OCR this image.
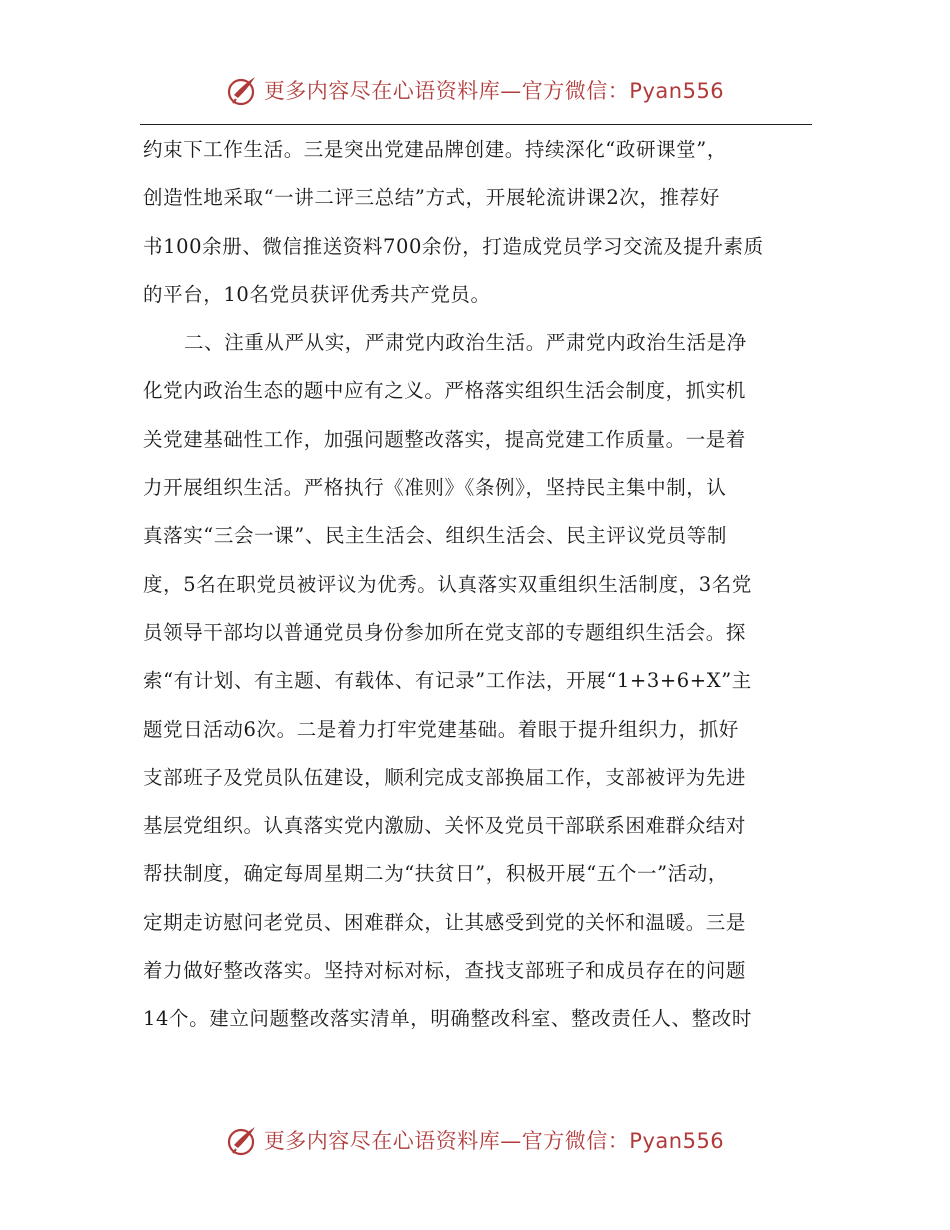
更多内容尽在心语资料库—官方微信：Pyan556
约束下工作生活。三是突出党建品牌创建。持续深化“政研课堂”，
创造性地采取“一讲二评三总结”方式，开展轮流讲课2次，推荐好
书100余册、微信推送资料700余份，打造成党员学习交流及提升素质
的平台，10名党员获评优秀共产党员。
二、注重从严从实，严肃党内政治生活。严肃党内政治生活是净
化党内政治生态的题中应有之义。严格落实组织生活会制度，抓实机
关党建基础性工作，加强问题整改落实，提高党建工作质量。一是着
力开展组织生活。严格执行《准则》《条例》，坚持民主集中制，认
真落实“三会一课”、民主生活会、组织生活会、民主评议党员等制
度，5名在职党员被评议为优秀。认真落实双重组织生活制度，3名党
员领导干部均以普通党员身份参加所在党支部的专题组织生活会。探
索“有计划、有主题、有载体、有记录”工作法，开展“1+3+6+X”主
题党日活动6次。二是着力打牢党建基础。着眼于提升组织力，抓好
支部班子及党员队伍建设，顺利完成支部换届工作，支部被评为先进
基层党组织。认真落实党内激励、关怀及党员干部联系困难群众结对
帮扶制度，确定每周星期二为“扶贫日”，积极开展“五个一”活动，
定期走访慰问老党员、困难群众，让其感受到党的关怀和温暖。三是
着力做好整改落实。坚持对标对标，查找支部班子和成员存在的问题
14个。建立问题整改落实清单，明确整改科室、整改责任人、整改时
更多内容尽在心语资料库—官方微信：Pyan556
